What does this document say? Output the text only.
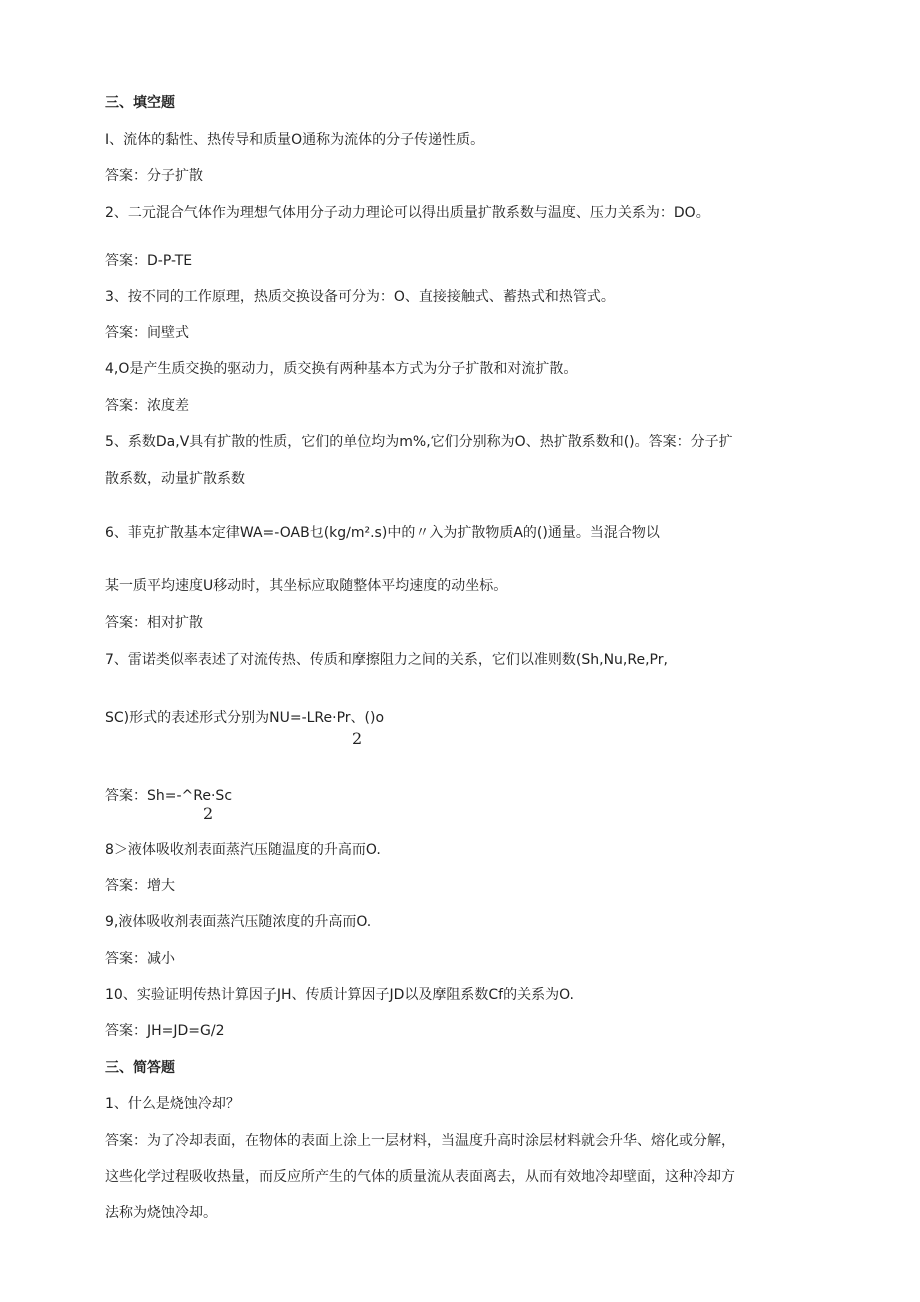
三、填空题
I、流体的黏性、热传导和质量O通称为流体的分子传递性质。
答案：分子扩散
2、二元混合气体作为理想气体用分子动力理论可以得出质量扩散系数与温度、压力关系为：DO。
答案：D-P-TE
3、按不同的工作原理，热质交换设备可分为：O、直接接触式、蓄热式和热管式。
答案：间壁式
4,O是产生质交换的驱动力，质交换有两种基本方式为分子扩散和对流扩散。
答案：浓度差
5、系数Da,V具有扩散的性质，它们的单位均为m%,它们分别称为O、热扩散系数和()。答案：分子扩
散系数，动量扩散系数
6、菲克扩散基本定律WA=-OAB乜(kg∕m².s)中的〃入为扩散物质A的()通量。当混合物以
某一质平均速度U移动时，其坐标应取随整体平均速度的动坐标。
答案：相对扩散
7、雷诺类似率表述了对流传热、传质和摩擦阻力之间的关系，它们以准则数(Sh,Nu,Re,Pr,
SC)形式的表述形式分别为NU=-LRe·Pr、()o
2
答案：Sh=-^Re·Sc
2
8＞液体吸收剂表面蒸汽压随温度的升高而O.
答案：增大
9,液体吸收剂表面蒸汽压随浓度的升高而O.
答案：减小
10、实验证明传热计算因子JH、传质计算因子JD以及摩阻系数Cf的关系为O.
答案：JH=JD=G/2
三、简答题
1、什么是烧蚀冷却？
答案：为了冷却表面，在物体的表面上涂上一层材料，当温度升高时涂层材料就会升华、熔化或分解，
这些化学过程吸收热量，而反应所产生的气体的质量流从表面离去，从而有效地冷却壁面，这种冷却方
法称为烧蚀冷却。
